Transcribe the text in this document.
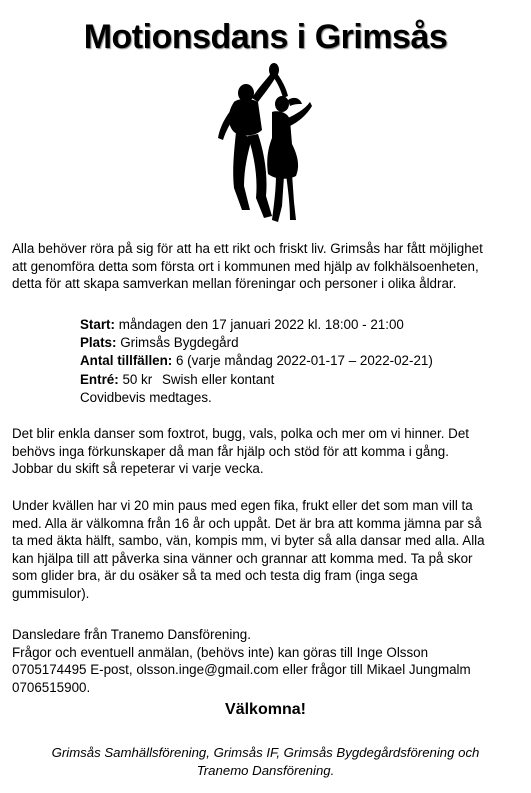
Motionsdans i Grimsås
Alla behöver röra på sig för att ha ett rikt och friskt liv. Grimsås har fått möjlighet
att genomföra detta som första ort i kommunen med hjälp av folkhälsoenheten,
detta för att skapa samverkan mellan föreningar och personer i olika åldrar.
Start: måndagen den 17 januari 2022 kl. 18:00 - 21:00
Plats: Grimsås Bygdegård
Antal tillfällen: 6 (varje måndag 2022-01-17 – 2022-02-21)
Entré: 50 kr Swish eller kontant
Covidbevis medtages.
Det blir enkla danser som foxtrot, bugg, vals, polka och mer om vi hinner. Det
behövs inga förkunskaper då man får hjälp och stöd för att komma i gång.
Jobbar du skift så repeterar vi varje vecka.
Under kvällen har vi 20 min paus med egen fika, frukt eller det som man vill ta
med. Alla är välkomna från 16 år och uppåt. Det är bra att komma jämna par så
ta med äkta hälft, sambo, vän, kompis mm, vi byter så alla dansar med alla. Alla
kan hjälpa till att påverka sina vänner och grannar att komma med. Ta på skor
som glider bra, är du osäker så ta med och testa dig fram (inga sega
gummisulor).
Dansledare från Tranemo Dansförening.
Frågor och eventuell anmälan, (behövs inte) kan göras till Inge Olsson
0705174495 E-post, olsson.inge@gmail.com eller frågor till Mikael Jungmalm
0706515900.
Välkomna!
Grimsås Samhällsförening, Grimsås IF, Grimsås Bygdegårdsförening och
Tranemo Dansförening.
